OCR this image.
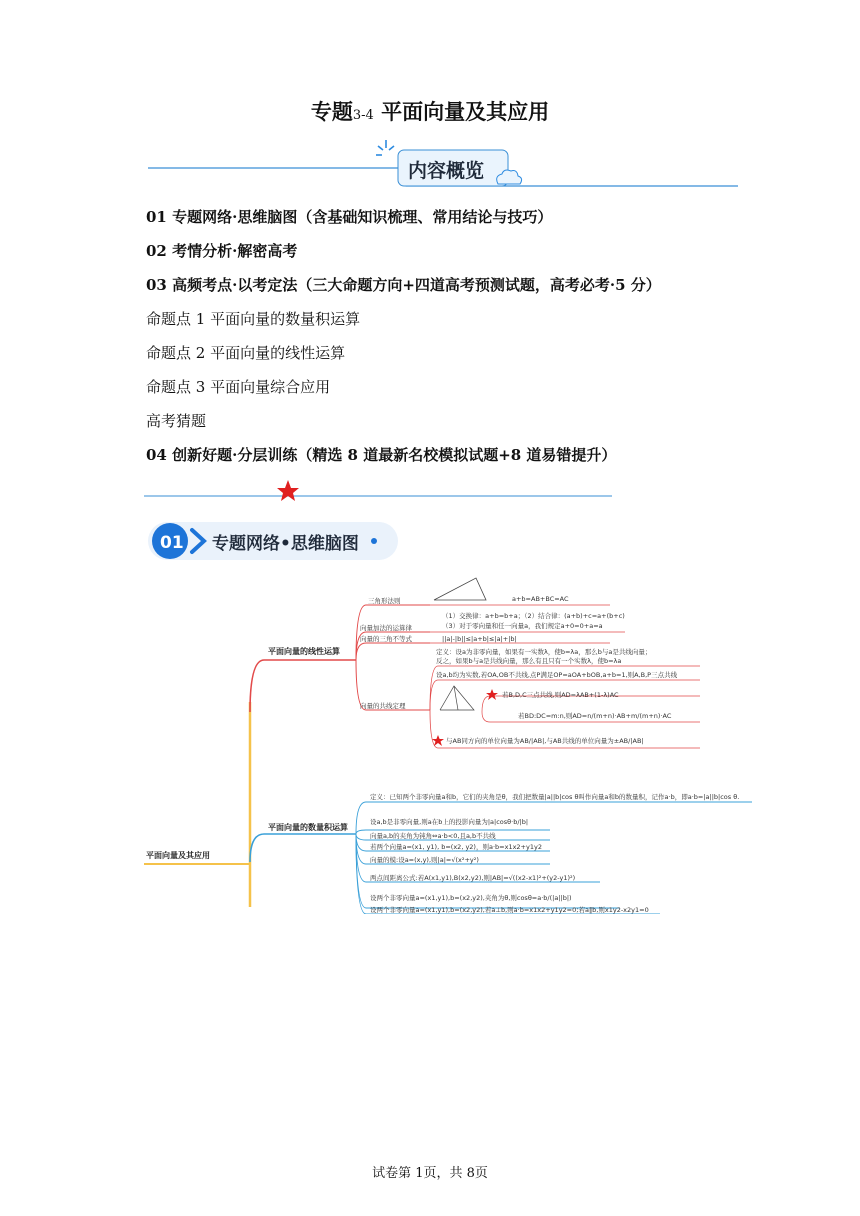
专题3-4 平面向量及其应用
内容概览
01 专题网络·思维脑图（含基础知识梳理、常用结论与技巧）
02 考情分析·解密高考
03 高频考点·以考定法（三大命题方向+四道高考预测试题，高考必考·5 分）
命题点 1 平面向量的数量积运算
命题点 2 平面向量的线性运算
命题点 3 平面向量综合应用
高考猜题
04 创新好题·分层训练（精选 8 道最新名校模拟试题+8 道易错提升）
01 专题网络•思维脑图
平面向量及其应用
平面向量的线性运算
三角形法则
向量加法的运算律
向量的三角不等式
向量的共线定理
a+b=AB+BC=AC
（1）交换律：a+b=b+a；（2）结合律：(a+b)+c=a+(b+c)
（3）对于零向量和任一向量a，我们规定a+0=0+a=a
||a|-|b||≤|a+b|≤|a|+|b|
定义：设a为非零向量，如果有一实数λ，使b=λa，那么b与a是共线向量；
反之，如果b与a是共线向量，那么有且只有一个实数λ，使b=λa
设a,b均为实数,若OA,OB不共线,点P满足OP=aOA+bOB,a+b=1,则A,B,P三点共线
若B,D,C三点共线,则AD=λAB+(1-λ)AC
若BD:DC=m:n,则AD=n/(m+n)·AB+m/(m+n)·AC
与AB同方向的单位向量为AB/|AB|,与AB共线的单位向量为±AB/|AB|
平面向量的数量积运算
定义：已知两个非零向量a和b，它们的夹角是θ，我们把数量|a||b|cos θ叫作向量a和b的数量积，记作a·b，即a·b=|a||b|cos θ.
设a,b是非零向量,则a在b上的投影向量为|a|cosθ·b/|b|
向量a,b的夹角为钝角⇔a·b<0,且a,b不共线
若两个向量a=(x1, y1), b=(x2, y2)，则a·b=x1x2+y1y2
向量的模:设a=(x,y),则|a|=√(x²+y²)
两点间距离公式:若A(x1,y1),B(x2,y2),则|AB|=√((x2-x1)²+(y2-y1)²)
设两个非零向量a=(x1,y1),b=(x2,y2),夹角为θ,则cosθ=a·b/(|a||b|)
设两个非零向量a=(x1,y1),b=(x2,y2),若a⊥b,则a·b=x1x2+y1y2=0;若a∥b,则x1y2-x2y1=0
试卷第 1页，共 8页
